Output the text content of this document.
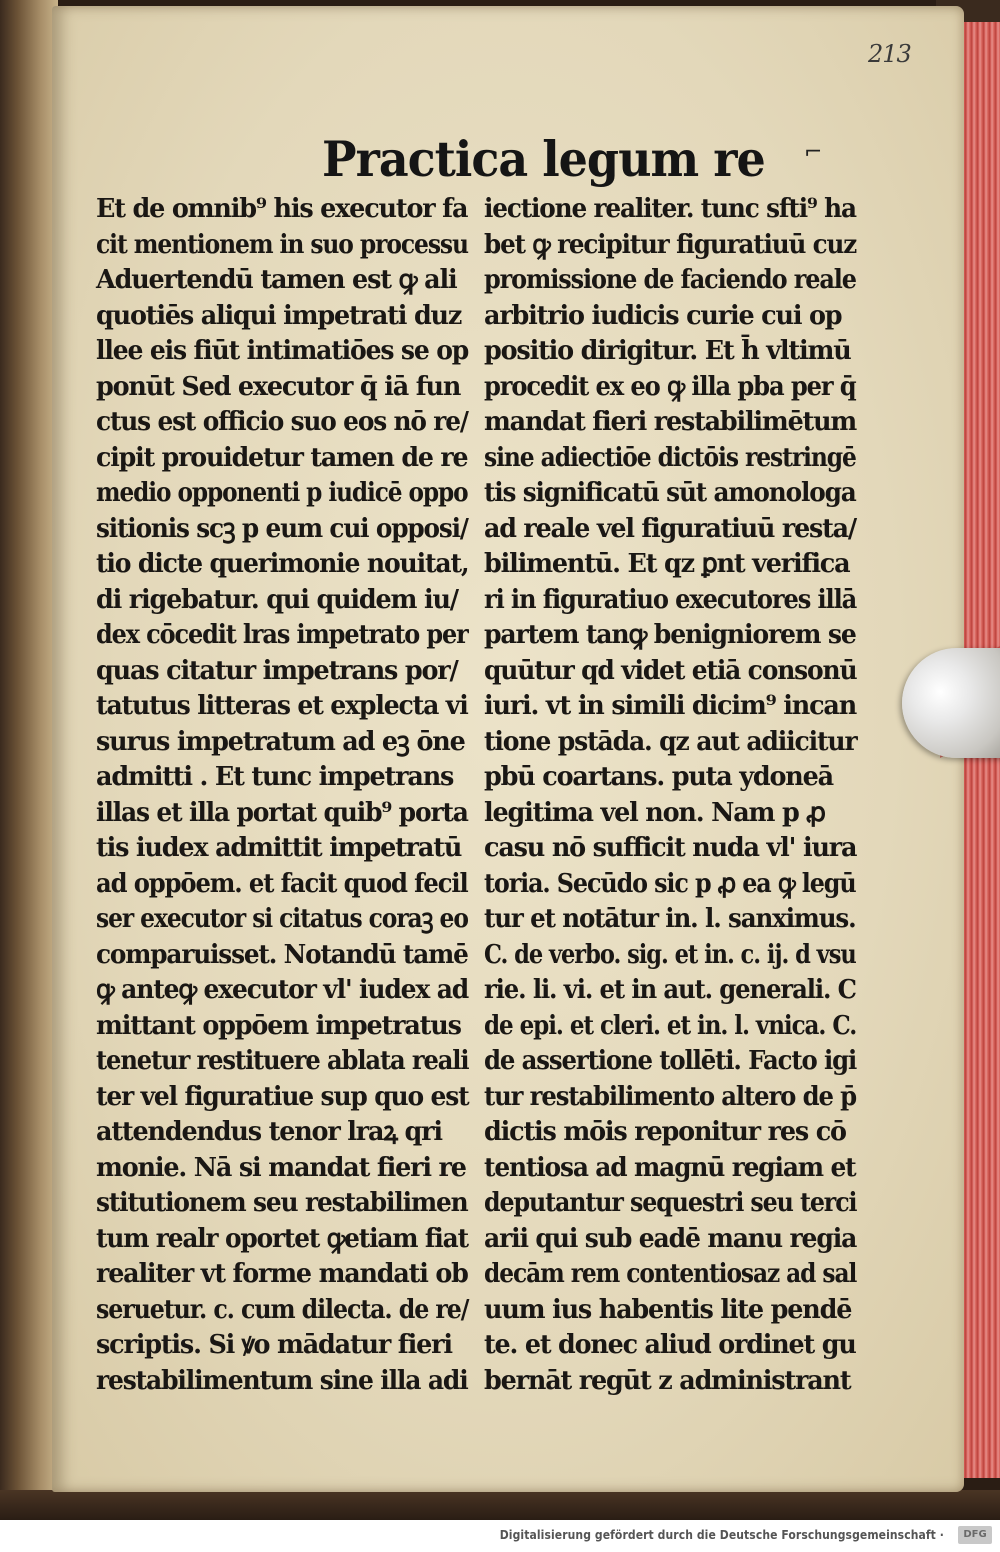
213
Practica legum re ⌐
Et de omnib⁹ his executor fa
cit mentionem in suo processu
Aduertendū tamen est ꝙ ali
quotiēs aliqui impetrati duz
llee eis fiūt intimatiōes se op
ponūt Sed executor q̄ iā fun
ctus est officio suo eos nō re/
cipit prouidetur tamen de re
medio opponenti p iudicē oppo
sitionis scꝫ p eum cui opposi/
tio dicte querimonie nouitat,
di rigebatur. qui quidem iu/
dex cōcedit lras impetrato per
quas citatur impetrans por/
tatutus litteras et explecta vi
surus impetratum ad eꝫ ōne
admitti . Et tunc impetrans
illas et illa portat quib⁹ porta
tis iudex admittit impetratū
ad oppōem. et facit quod fecil
ser executor si citatus coraꝫ eo
comparuisset. Notandū tamē
ꝙ anteꝙ executor vl' iudex ad
mittant oppōem impetratus
tenetur restituere ablata reali
ter vel figuratiue sup quo est
attendendus tenor lraꝝ qri
monie. Nā si mandat fieri re
stitutionem seu restabilimen
tum realr oportet ꝙetiam fiat
realiter vt forme mandati ob
seruetur. c. cum dilecta. de re/
scriptis. Si ꝟo mādatur fieri
restabilimentum sine illa adi
iectione realiter. tunc sfti⁹ ha
bet ꝙ recipitur figuratiuū cuz
promissione de faciendo reale
arbitrio iudicis curie cui op
positio dirigitur. Et h̄ vltimū
procedit ex eo ꝙ illa pba per q̄
mandat fieri restabilimētum
sine adiectiōe dictōis restringē
tis significatū sūt amonologa
ad reale vel figuratiuū resta/
bilimentū. Et qz ꝑnt verifica
ri in figuratiuo executores illā
partem tanꝙ benigniorem se
quūtur qd videt etiā consonū
iuri. vt in simili dicim⁹ incan
tione pstāda. qz aut adiicitur
pbū coartans. puta ydoneā
legitima vel non. Nam p ꝓ
casu nō sufficit nuda vl' iura
toria. Secūdo sic p ꝓ ea ꝙ legū
tur et notātur in. l. sanximus.
C. de verbo. sig. et in. c. ij. d vsu
rie. li. vi. et in aut. generali. C
de epi. et cleri. et in. l. vnica. C.
de assertione tollēti. Facto igi
tur restabilimento altero de p̄
dictis mōis reponitur res cō
tentiosa ad magnū regiam et
deputantur sequestri seu terci
arii qui sub eadē manu regia
decām rem contentiosaz ad sal
uum ius habentis lite pendē
te. et donec aliud ordinet gu
bernāt regūt z administrant
Digitalisierung gefördert durch die Deutsche Forschungsgemeinschaft ·	DFG
